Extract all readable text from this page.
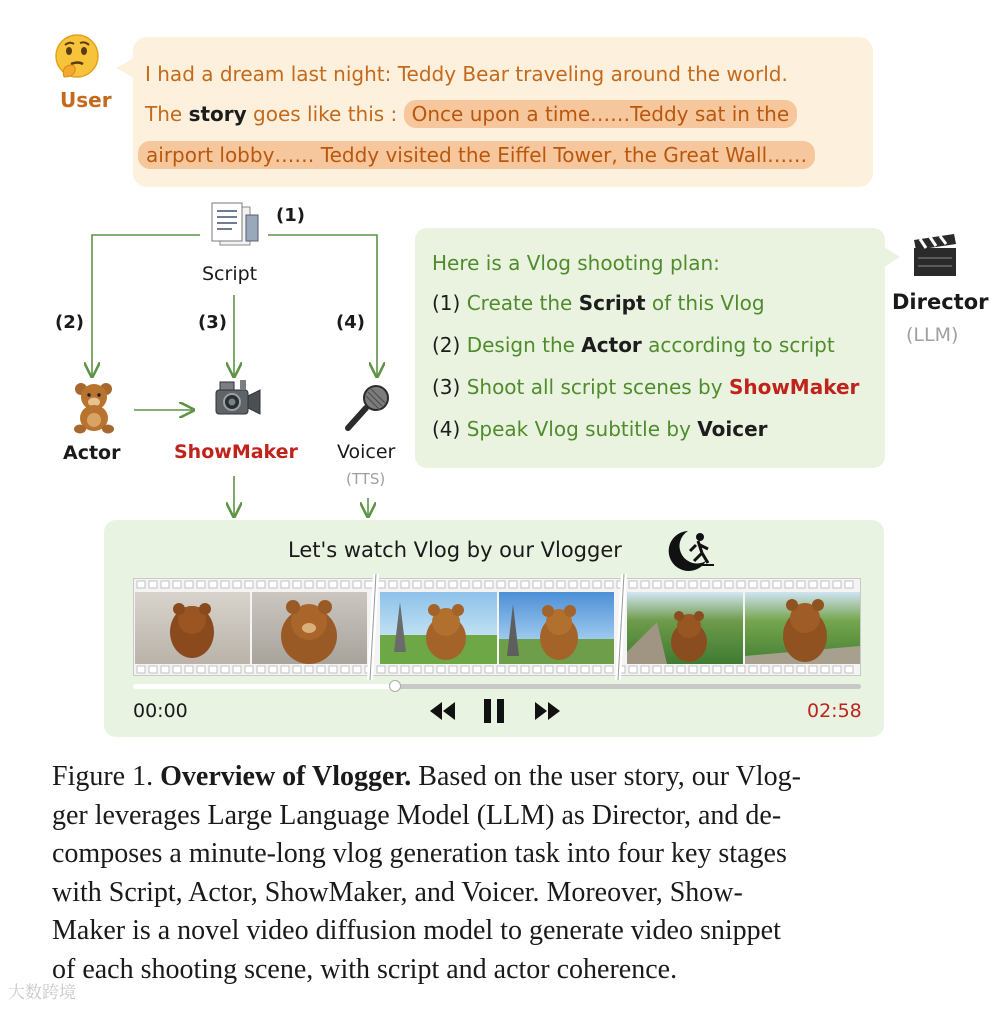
User
I had a dream last night: Teddy Bear traveling around the world.
The story goes like this : Once upon a time……Teddy sat in the
airport lobby…… Teddy visited the Eiffel Tower, the Great Wall……
(1)
Script
(2)	(3)	(4)
Actor	ShowMaker Voicer
(TTS)
Here is a Vlog shooting plan:
(1) Create the Script of this Vlog
(2) Design the Actor according to script
(3) Shoot all script scenes by ShowMaker
(4) Speak Vlog subtitle by Voicer
Director
(LLM)
Let's watch Vlog by our Vlogger
00:00	02:58
Figure 1. Overview of Vlogger. Based on the user story, our Vlog-
ger leverages Large Language Model (LLM) as Director, and de-
composes a minute-long vlog generation task into four key stages
with Script, Actor, ShowMaker, and Voicer. Moreover, Show-
Maker is a novel video diffusion model to generate video snippet
of each shooting scene, with script and actor coherence.
大数跨境
